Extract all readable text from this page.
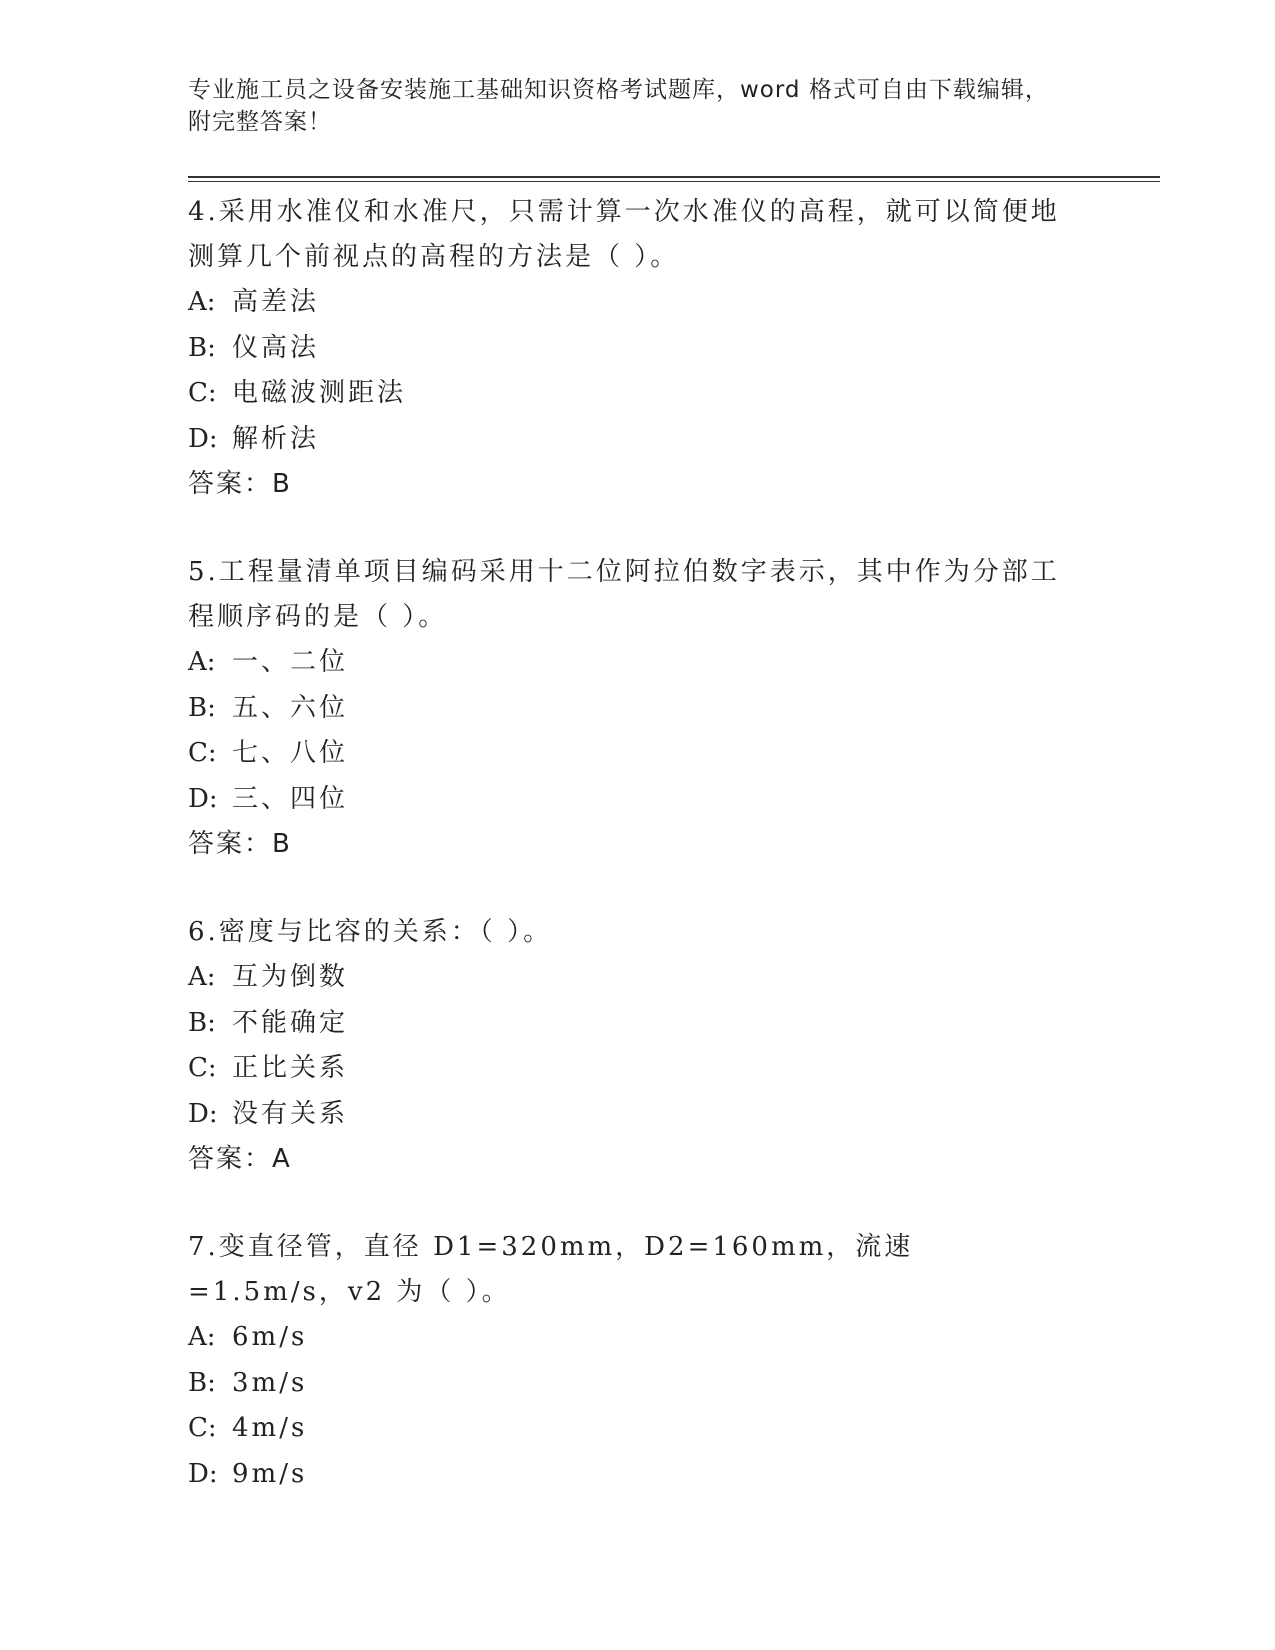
专业施工员之设备安装施工基础知识资格考试题库，word 格式可自由下载编辑，
附完整答案！

4.采用水准仪和水准尺，只需计算一次水准仪的高程，就可以简便地

测算几个前视点的高程的方法是（ ）。

A: 高差法

B: 仪高法

C: 电磁波测距法

D: 解析法

答案：B

5.工程量清单项目编码采用十二位阿拉伯数字表示，其中作为分部工

程顺序码的是（ ）。

A: 一、二位

B: 五、六位

C: 七、八位

D: 三、四位

答案：B

6.密度与比容的关系：（ ）。

A: 互为倒数

B: 不能确定

C: 正比关系

D: 没有关系

答案：A

7.变直径管，直径 D1=320mm，D2=160mm，流速=1.5m/s，v2 为（ ）。

A: 6m/s

B: 3m/s

C: 4m/s

D: 9m/s
